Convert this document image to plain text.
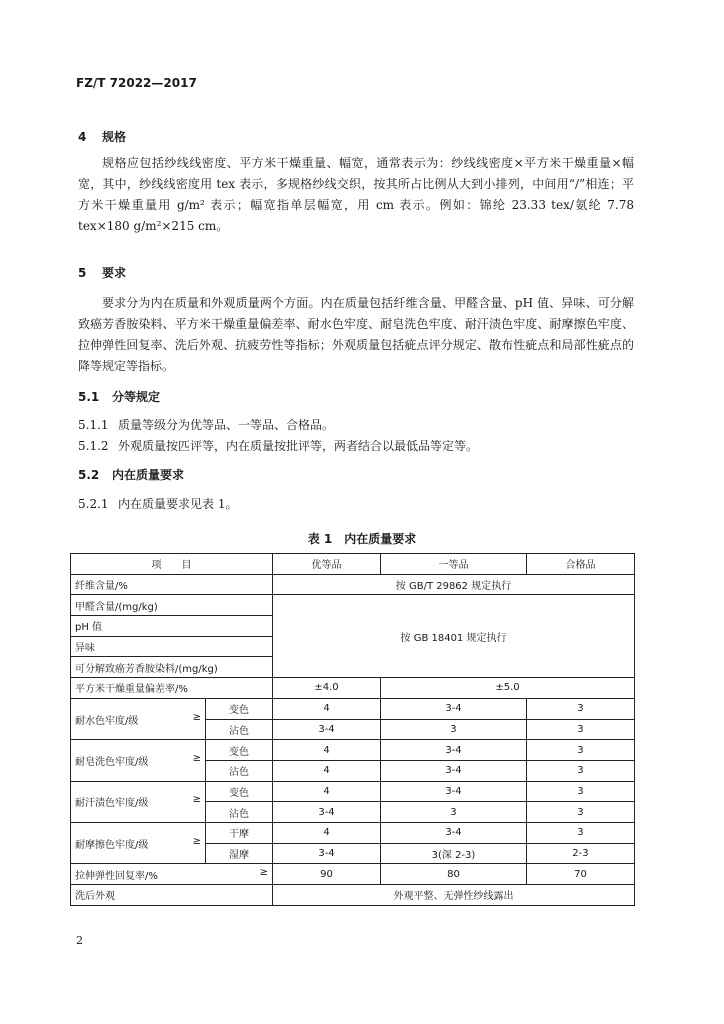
FZ/T 72022—2017
4 规格
规格应包括纱线线密度、平方米干燥重量、幅宽，通常表示为：纱线线密度×平方米干燥重量×幅宽，其中，纱线线密度用 tex 表示，多规格纱线交织，按其所占比例从大到小排列，中间用“/”相连；平方米干燥重量用 g/m² 表示；幅宽指单层幅宽，用 cm 表示。例如：锦纶 23.33 tex/氨纶 7.78 tex×180 g/m²×215 cm。
5 要求
要求分为内在质量和外观质量两个方面。内在质量包括纤维含量、甲醛含量、pH 值、异味、可分解致癌芳香胺染料、平方米干燥重量偏差率、耐水色牢度、耐皂洗色牢度、耐汗渍色牢度、耐摩擦色牢度、拉伸弹性回复率、洗后外观、抗疲劳性等指标；外观质量包括疵点评分规定、散布性疵点和局部性疵点的降等规定等指标。
5.1 分等规定
5.1.1 质量等级分为优等品、一等品、合格品。
5.1.2 外观质量按匹评等，内在质量按批评等，两者结合以最低品等定等。
5.2 内在质量要求
5.2.1 内在质量要求见表 1。
表 1　内在质量要求
项　　目		优等品	一等品	合格品
纤维含量/%		按 GB/T 29862 规定执行		
甲醛含量/(mg/kg)		按 GB 18401 规定执行		
pH 值				
异味				
可分解致癌芳香胺染料/(mg/kg)				
平方米干燥重量偏差率/%		±4.0	±5.0	
耐水色牢度/级 ≥	变色	4	3-4	3
	沾色	3-4	3	3
耐皂洗色牢度/级 ≥	变色	4	3-4	3
	沾色	4	3-4	3
耐汗渍色牢度/级 ≥	变色	4	3-4	3
	沾色	3-4	3	3
耐摩擦色牢度/级 ≥	干摩	4	3-4	3
	湿摩	3-4	3(深 2-3)	2-3
拉伸弹性回复率/% ≥		90	80	70
洗后外观		外观平整、无弹性纱线露出		
2
